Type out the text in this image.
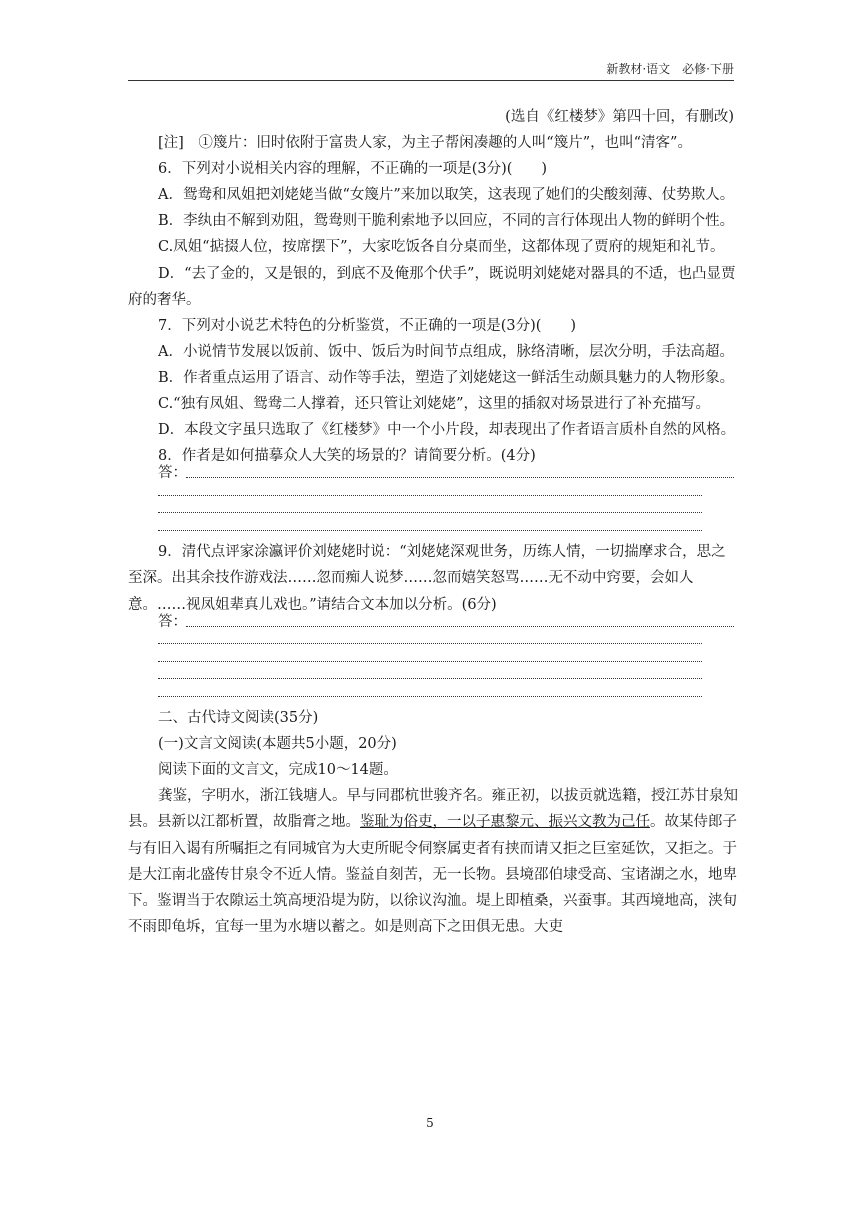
新教材·语文　必修·下册

(选自《红楼梦》第四十回，有删改)

[注]　①篾片：旧时依附于富贵人家，为主子帮闲凑趣的人叫“篾片”，也叫“清客”。

6．下列对小说相关内容的理解，不正确的一项是(3分)(　　)

A．鸳鸯和凤姐把刘姥姥当做“女篾片”来加以取笑，这表现了她们的尖酸刻薄、仗势欺人。

B．李纨由不解到劝阻，鸳鸯则干脆利索地予以回应，不同的言行体现出人物的鲜明个性。

C.凤姐“掂掇人位，按席摆下”，大家吃饭各自分桌而坐，这都体现了贾府的规矩和礼节。

D．“去了金的，又是银的，到底不及俺那个伏手”，既说明刘姥姥对器具的不适，也凸显贾府的奢华。

7．下列对小说艺术特色的分析鉴赏，不正确的一项是(3分)(　　)

A．小说情节发展以饭前、饭中、饭后为时间节点组成，脉络清晰，层次分明，手法高超。

B．作者重点运用了语言、动作等手法，塑造了刘姥姥这一鲜活生动颇具魅力的人物形象。

C.“独有凤姐、鸳鸯二人撑着，还只管让刘姥姥”，这里的插叙对场景进行了补充描写。

D．本段文字虽只选取了《红楼梦》中一个小片段，却表现出了作者语言质朴自然的风格。

8．作者是如何描摹众人大笑的场景的？请简要分析。(4分)

答：

9．清代点评家涂瀛评价刘姥姥时说：“刘姥姥深观世务，历练人情，一切揣摩求合，思之至深。出其余技作游戏法……忽而痴人说梦……忽而嬉笑怒骂……无不动中窍要，会如人意。……视凤姐辈真儿戏也。”请结合文本加以分析。(6分)

答：

二、古代诗文阅读(35分)

(一)文言文阅读(本题共5小题，20分)

阅读下面的文言文，完成10～14题。

龚鉴，字明水，浙江钱塘人。早与同郡杭世骏齐名。雍正初，以拔贡就选籍，授江苏甘泉知县。县新以江都析置，故脂膏之地。鉴耻为俗吏，一以子惠黎元、振兴文教为己任。故某侍郎子与有旧入谒有所嘱拒之有同城官为大吏所昵令伺察属吏者有挟而请又拒之巨室延饮，又拒之。于是大江南北盛传甘泉令不近人情。鉴益自刻苦，无一长物。县境邵伯埭受高、宝诸湖之水，地卑下。鉴谓当于农隙运土筑高埂沿堤为防，以徐议沟洫。堤上即植桑，兴蚕事。其西境地高，浃旬不雨即龟坼，宜每一里为水塘以蓄之。如是则高下之田俱无患。大吏

5
